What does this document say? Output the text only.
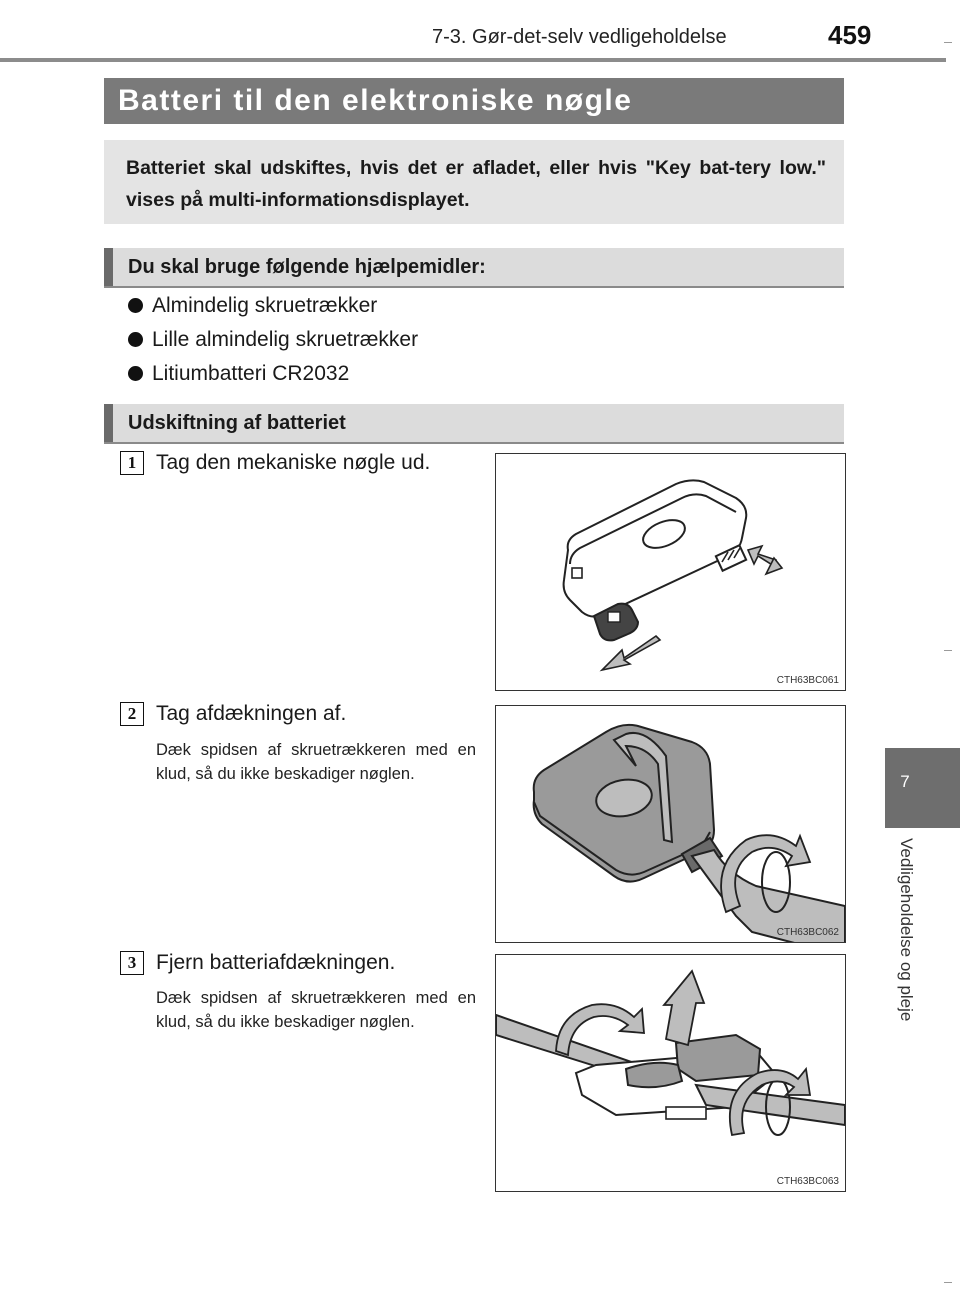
7-3. Gør-det-selv vedligeholdelse	459
7
Vedligeholdelse og pleje
Batteri til den elektroniske nøgle
Batteriet skal udskiftes, hvis det er afladet, eller hvis "Key bat-tery low." vises på multi-informationsdisplayet.
Du skal bruge følgende hjælpemidler:
Almindelig skruetrækker
Lille almindelig skruetrækker
Litiumbatteri CR2032
Udskiftning af batteriet
1 Tag den mekaniske nøgle ud.
CTH63BC061
2 Tag afdækningen af.
Dæk spidsen af skruetrækkeren med en klud, så du ikke beskadiger nøglen.
CTH63BC062
3 Fjern batteriafdækningen.
Dæk spidsen af skruetrækkeren med en klud, så du ikke beskadiger nøglen.
CTH63BC063
